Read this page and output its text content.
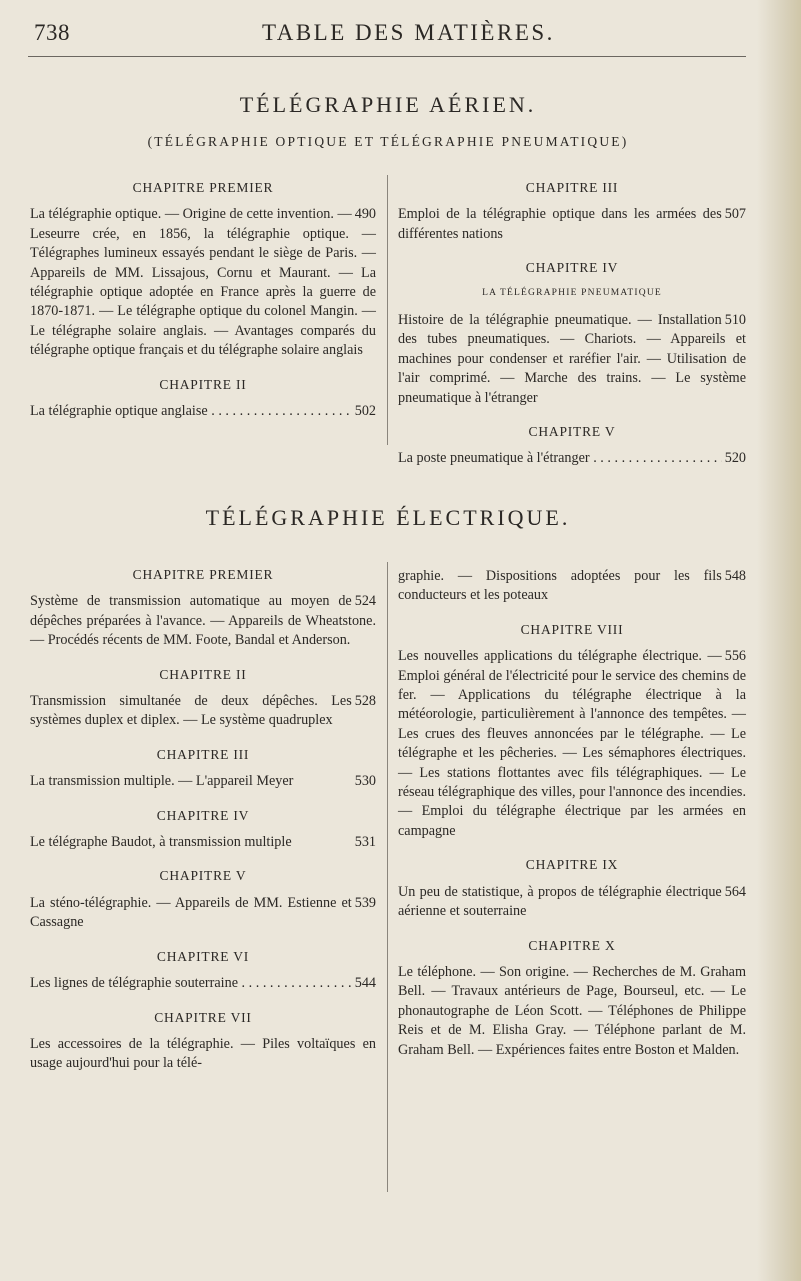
738	TABLE DES MATIÈRES.
TÉLÉGRAPHIE AÉRIEN.
(TÉLÉGRAPHIE OPTIQUE ET TÉLÉGRAPHIE PNEUMATIQUE)
CHAPITRE PREMIER
490
La télégraphie optique. — Origine de cette invention. — Leseurre crée, en 1856, la télégraphie optique. — Télégraphes lumineux essayés pendant le siège de Paris. — Appareils de MM. Lissajous, Cornu et Maurant. — La télégraphie optique adoptée en France après la guerre de 1870-1871. — Le télégraphe optique du colonel Mangin. — Le télégraphe solaire anglais. — Avantages comparés du télégraphe optique français et du télégraphe solaire anglais
CHAPITRE II
502
La télégraphie optique anglaise . . .
CHAPITRE III
507
Emploi de la télégraphie optique dans les armées des différentes nations
CHAPITRE IV
LA TÉLÉGRAPHIE PNEUMATIQUE
510
Histoire de la télégraphie pneumatique. — Installation des tubes pneumatiques. — Chariots. — Appareils et machines pour condenser et raréfier l'air. — Utilisation de l'air comprimé. — Marche des trains. — Le système pneumatique à l'étranger
CHAPITRE V
520
La poste pneumatique à l'étranger . . .
TÉLÉGRAPHIE ÉLECTRIQUE.
CHAPITRE PREMIER
524
Système de transmission automatique au moyen de dépêches préparées à l'avance. — Appareils de Wheatstone. — Procédés récents de MM. Foote, Bandal et Anderson.
CHAPITRE II
528
Transmission simultanée de deux dépêches. Les systèmes duplex et diplex. — Le système quadruplex
CHAPITRE III
530
La transmission multiple. — L'appareil Meyer
CHAPITRE IV
531
Le télégraphe Baudot, à transmission multiple
CHAPITRE V
539
La sténo-télégraphie. — Appareils de MM. Estienne et Cassagne
CHAPITRE VI
544
Les lignes de télégraphie souterraine . . .
CHAPITRE VII
Les accessoires de la télégraphie. — Piles voltaïques en usage aujourd'hui pour la télé-
548
graphie. — Dispositions adoptées pour les fils conducteurs et les poteaux
CHAPITRE VIII
556
Les nouvelles applications du télégraphe électrique. — Emploi général de l'électricité pour le service des chemins de fer. — Applications du télégraphe électrique à la météorologie, particulièrement à l'annonce des tempêtes. — Les crues des fleuves annoncées par le télégraphe. — Le télégraphe et les pêcheries. — Les sémaphores électriques. — Les stations flottantes avec fils télégraphiques. — Le réseau télégraphique des villes, pour l'annonce des incendies. — Emploi du télégraphe électrique par les armées en campagne
CHAPITRE IX
564
Un peu de statistique, à propos de télégraphie électrique aérienne et souterraine
CHAPITRE X
Le téléphone. — Son origine. — Recherches de M. Graham Bell. — Travaux antérieurs de Page, Bourseul, etc. — Le phonautographe de Léon Scott. — Téléphones de Philippe Reis et de M. Elisha Gray. — Téléphone parlant de M. Graham Bell. — Expériences faites entre Boston et Malden.
